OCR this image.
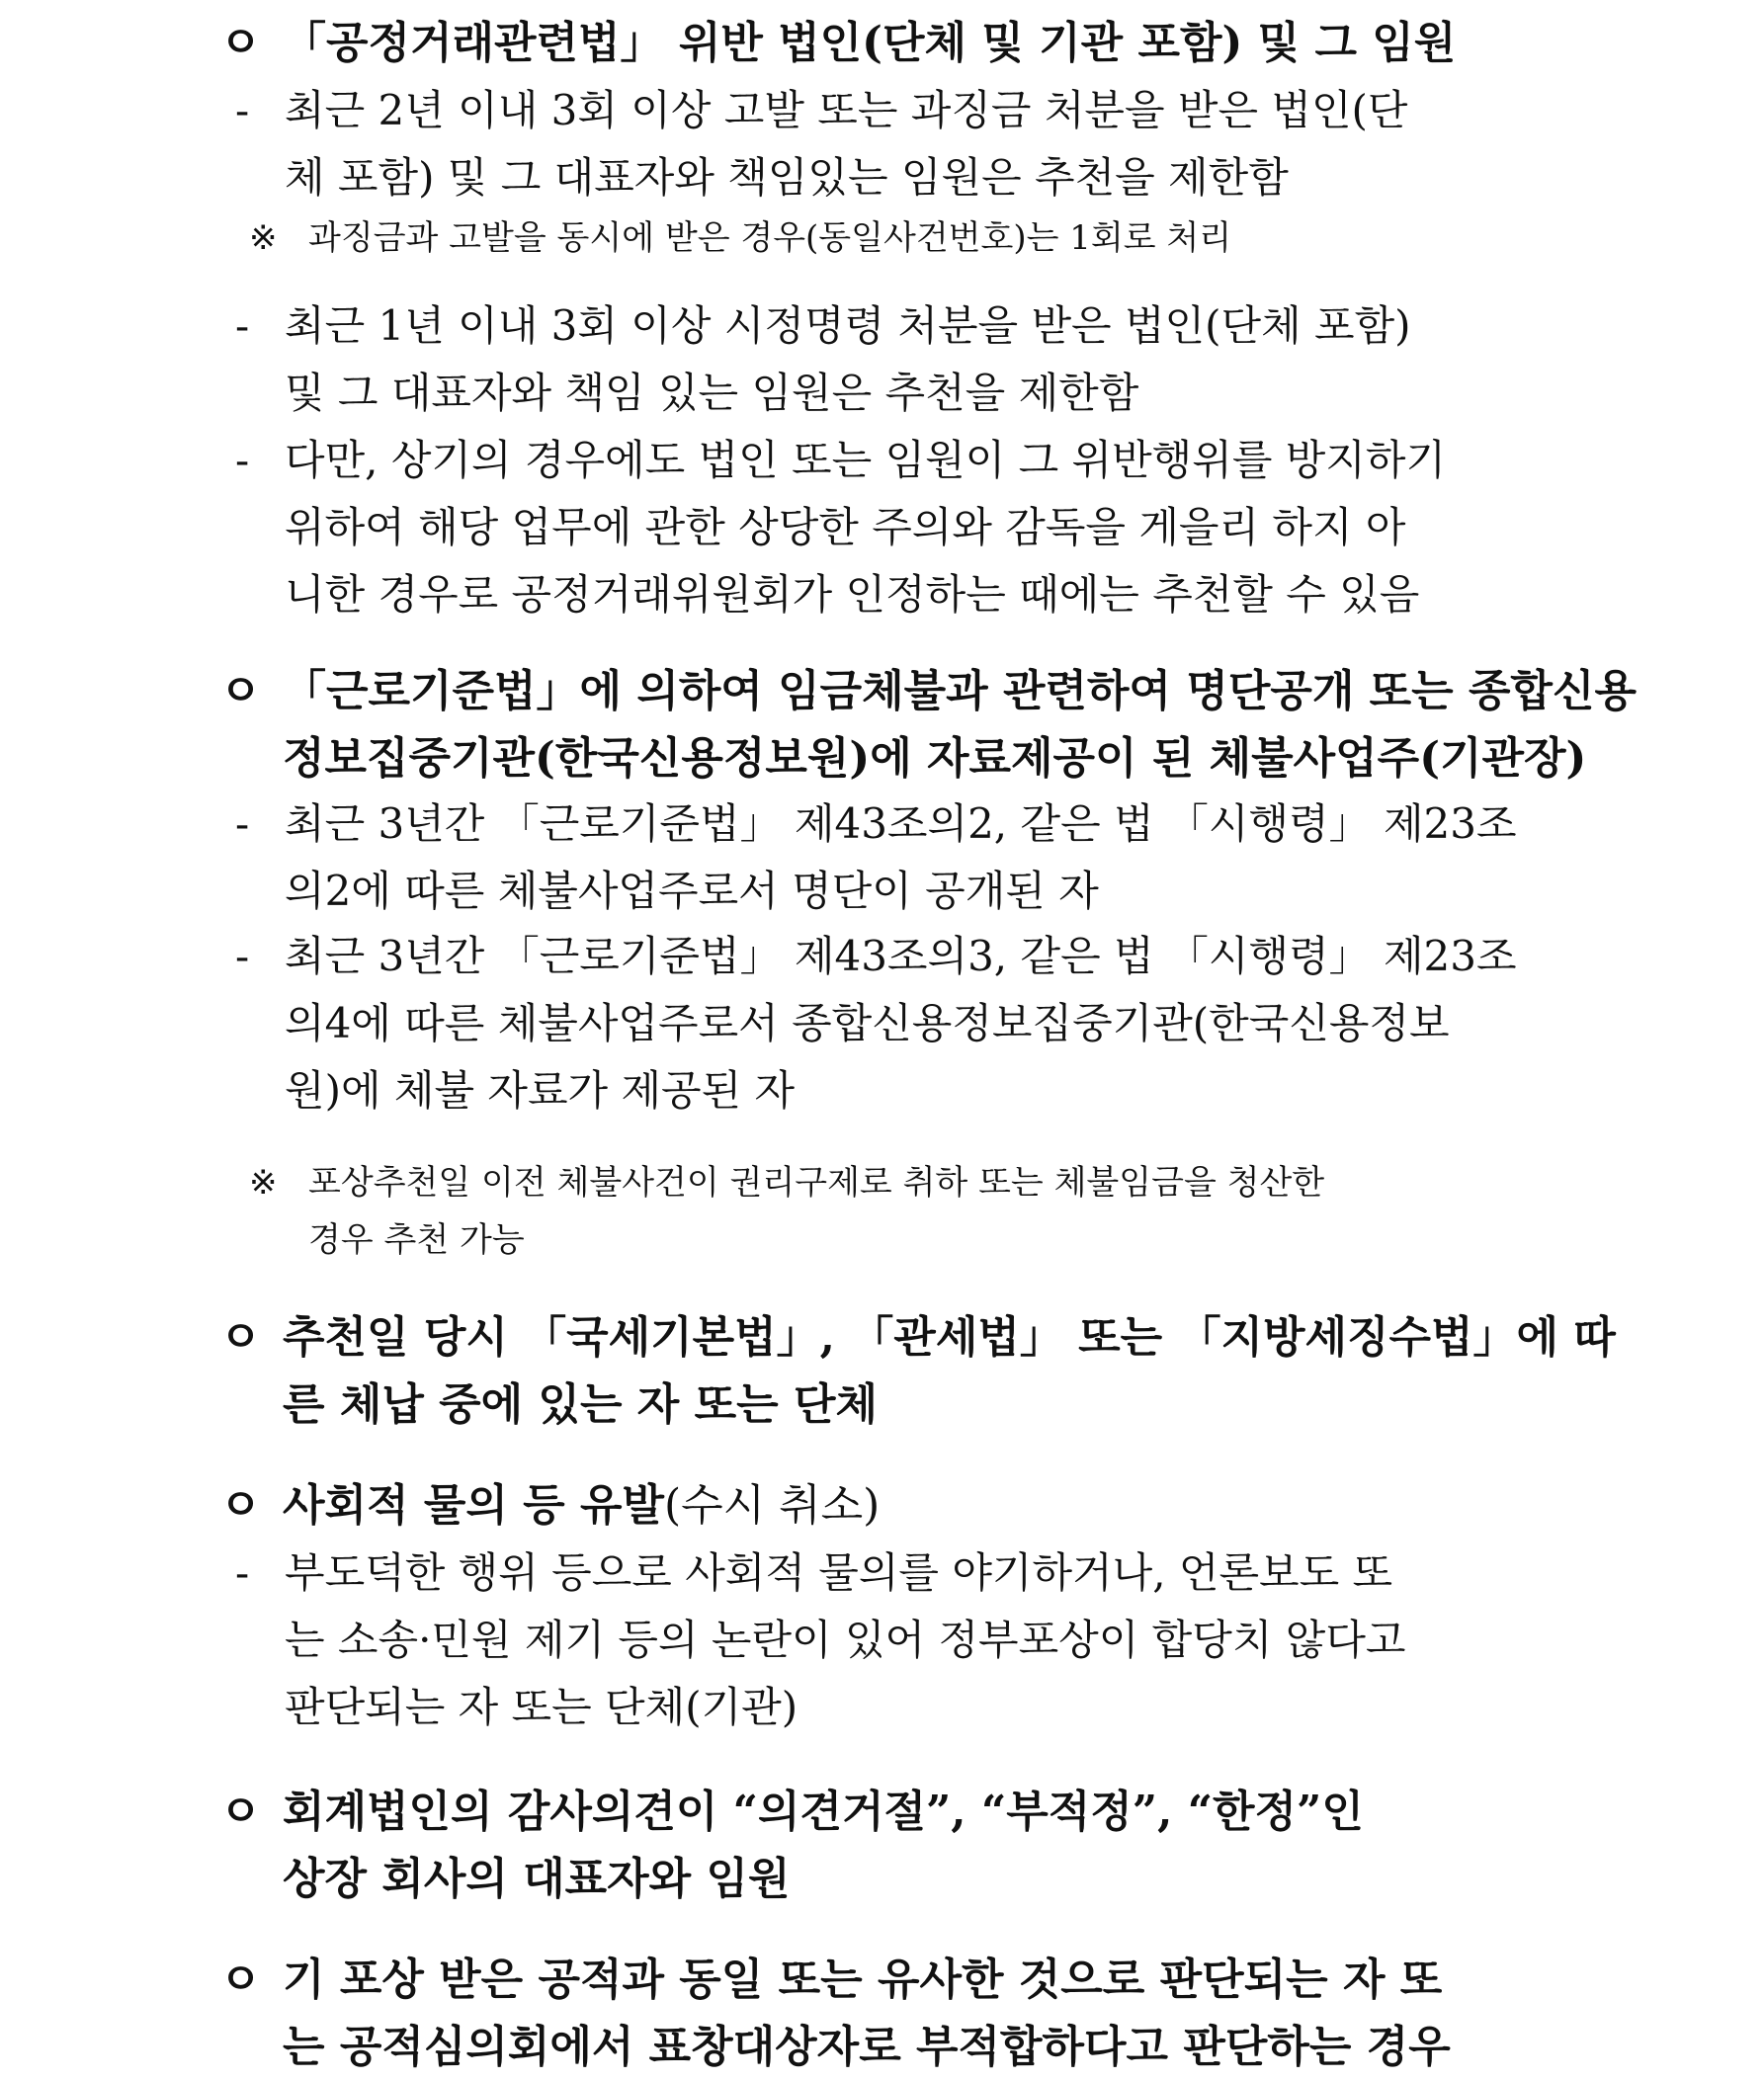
ㅇ 「공정거래관련법」 위반 법인(단체 및 기관 포함) 및 그 임원
- 최근 2년 이내 3회 이상 고발 또는 과징금 처분을 받은 법인(단
체 포함) 및 그 대표자와 책임있는 임원은 추천을 제한함
※ 과징금과 고발을 동시에 받은 경우(동일사건번호)는 1회로 처리
- 최근 1년 이내 3회 이상 시정명령 처분을 받은 법인(단체 포함)
및 그 대표자와 책임 있는 임원은 추천을 제한함
- 다만, 상기의 경우에도 법인 또는 임원이 그 위반행위를 방지하기
위하여 해당 업무에 관한 상당한 주의와 감독을 게을리 하지 아
니한 경우로 공정거래위원회가 인정하는 때에는 추천할 수 있음
ㅇ 「근로기준법」에 의하여 임금체불과 관련하여 명단공개 또는 종합신용
정보집중기관(한국신용정보원)에 자료제공이 된 체불사업주(기관장)
- 최근 3년간 「근로기준법」 제43조의2, 같은 법 「시행령」 제23조
의2에 따른 체불사업주로서 명단이 공개된 자
- 최근 3년간 「근로기준법」 제43조의3, 같은 법 「시행령」 제23조
의4에 따른 체불사업주로서 종합신용정보집중기관(한국신용정보
원)에 체불 자료가 제공된 자
※ 포상추천일 이전 체불사건이 권리구제로 취하 또는 체불임금을 청산한
경우 추천 가능
ㅇ 추천일 당시 「국세기본법」, 「관세법」 또는 「지방세징수법」에 따
른 체납 중에 있는 자 또는 단체
ㅇ 사회적 물의 등 유발(수시 취소)
- 부도덕한 행위 등으로 사회적 물의를 야기하거나, 언론보도 또
는 소송·민원 제기 등의 논란이 있어 정부포상이 합당치 않다고
판단되는 자 또는 단체(기관)
ㅇ 회계법인의 감사의견이 “의견거절”, “부적정”, “한정”인
상장 회사의 대표자와 임원
ㅇ 기 포상 받은 공적과 동일 또는 유사한 것으로 판단되는 자 또
는 공적심의회에서 표창대상자로 부적합하다고 판단하는 경우
